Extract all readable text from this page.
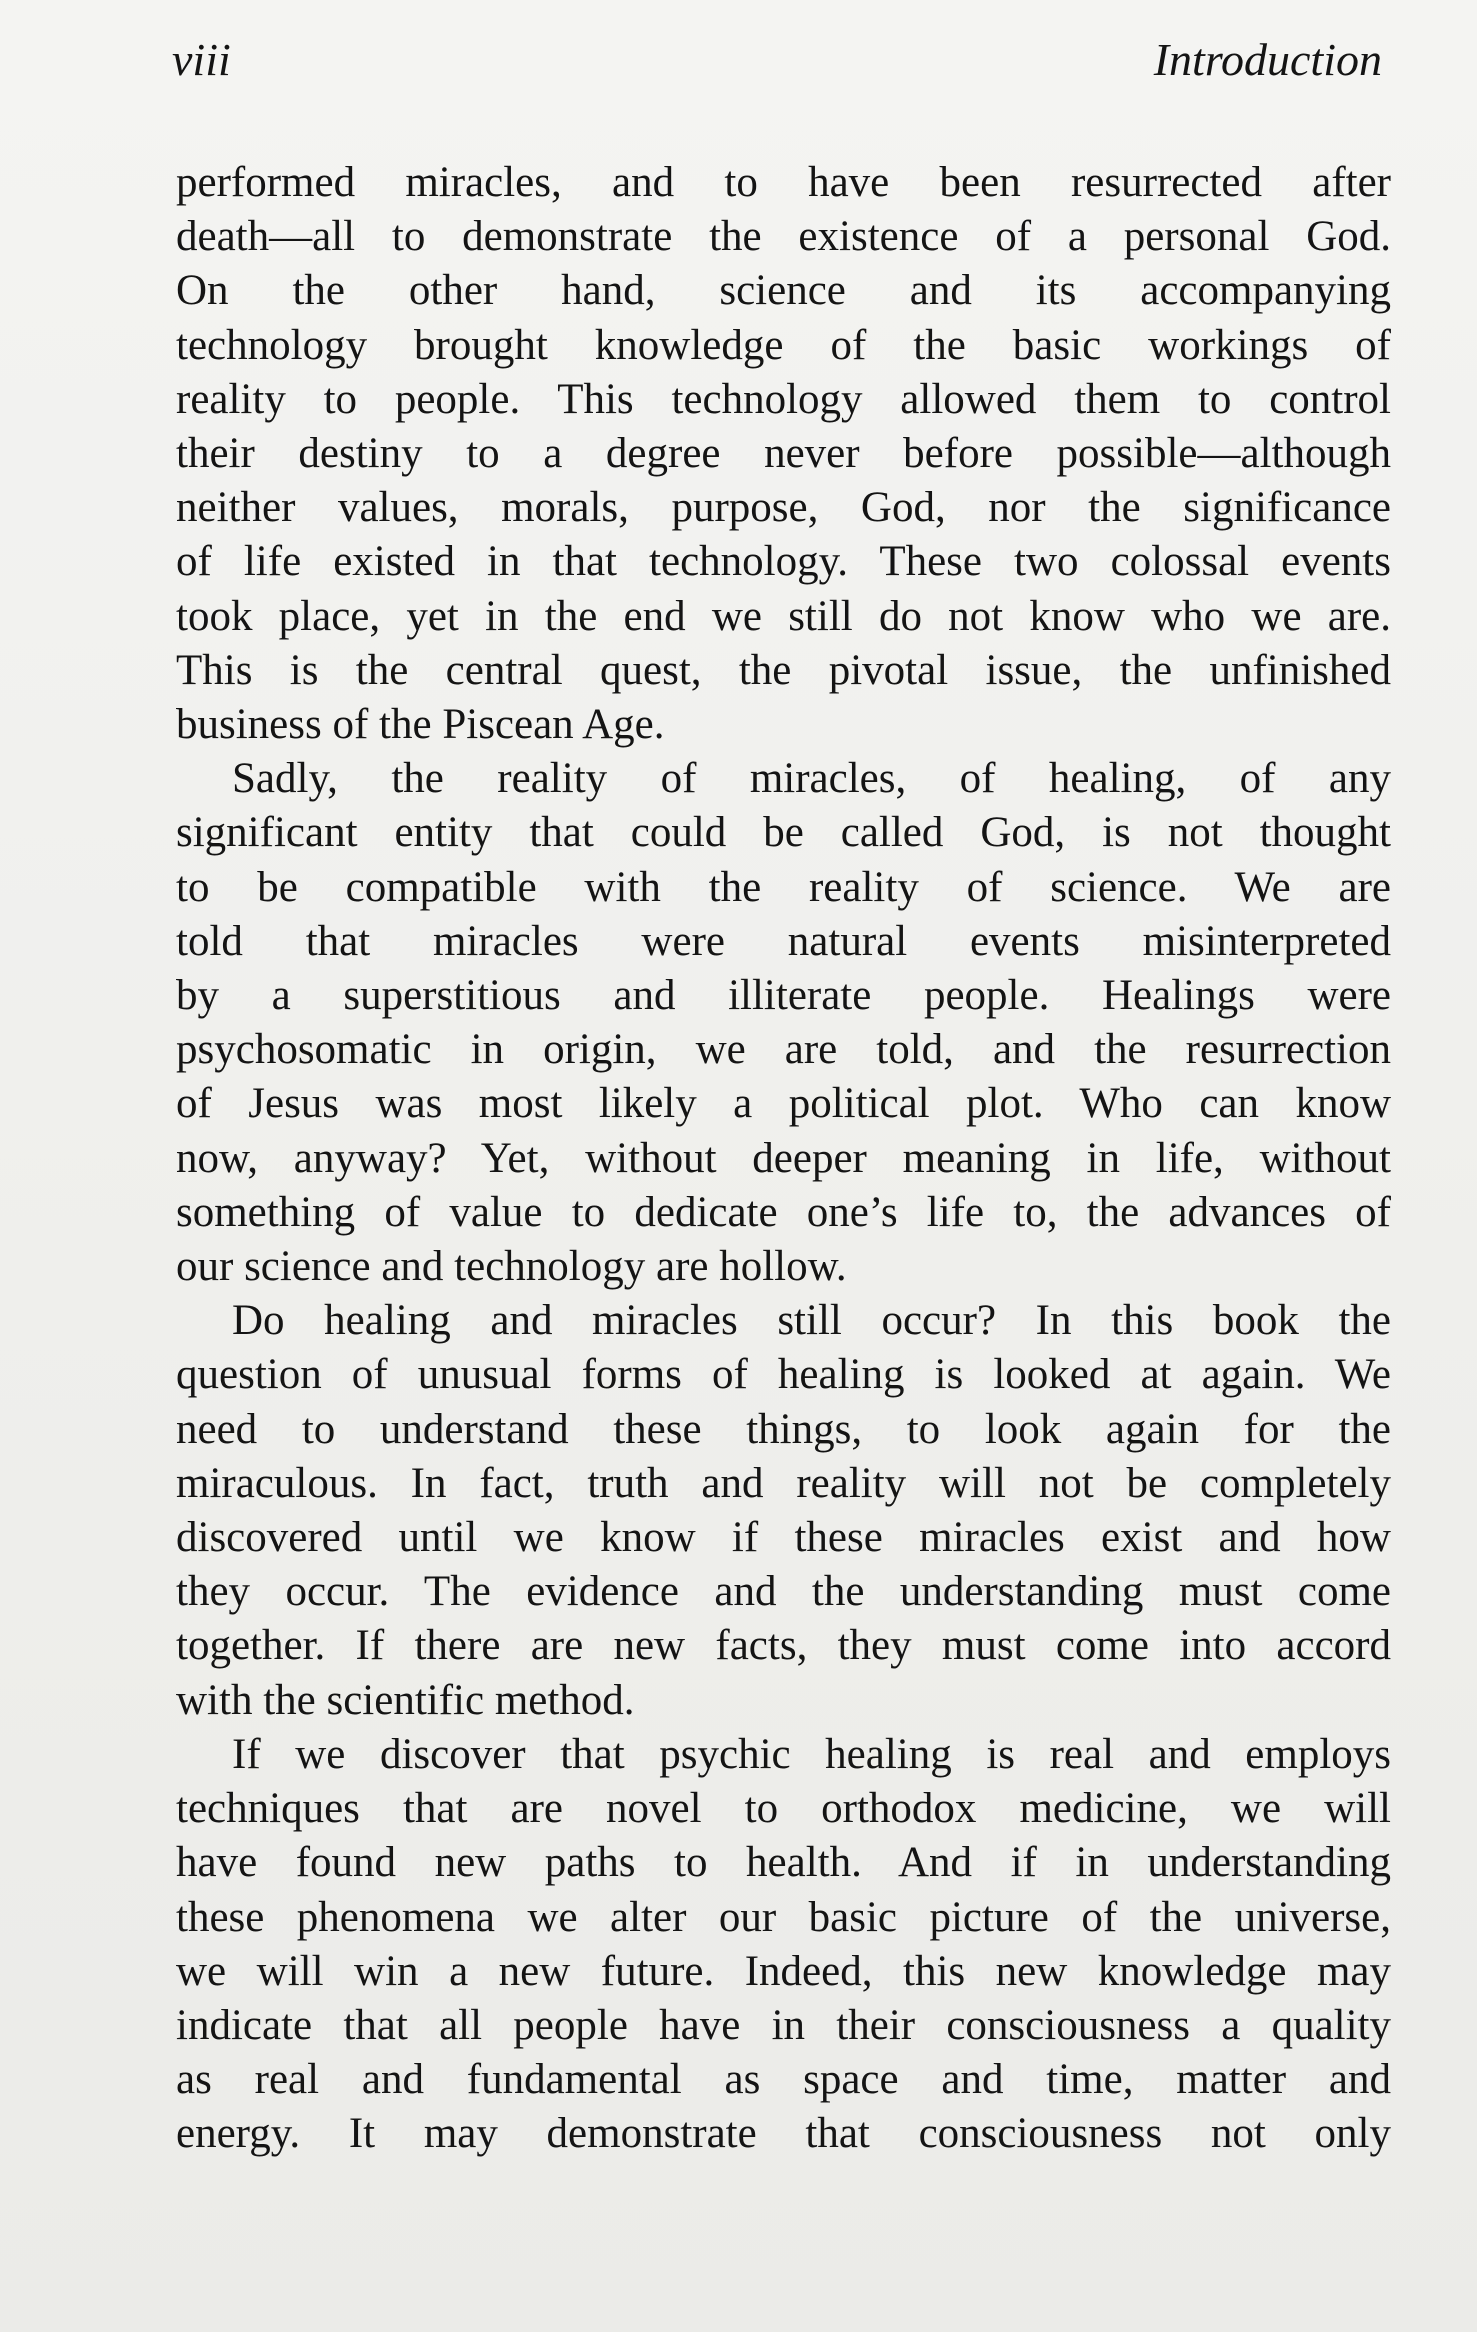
viii	Introduction

performed miracles, and to have been resurrected after
death—all to demonstrate the existence of a personal God.
On the other hand, science and its accompanying
technology brought knowledge of the basic workings of
reality to people. This technology allowed them to control
their destiny to a degree never before possible—although
neither values, morals, purpose, God, nor the significance
of life existed in that technology. These two colossal events
took place, yet in the end we still do not know who we are.
This is the central quest, the pivotal issue, the unfinished
business of the Piscean Age.

Sadly, the reality of miracles, of healing, of any
significant entity that could be called God, is not thought
to be compatible with the reality of science. We are
told that miracles were natural events misinterpreted
by a superstitious and illiterate people. Healings were
psychosomatic in origin, we are told, and the resurrection
of Jesus was most likely a political plot. Who can know
now, anyway? Yet, without deeper meaning in life, without
something of value to dedicate one’s life to, the advances of
our science and technology are hollow.

Do healing and miracles still occur? In this book the
question of unusual forms of healing is looked at again. We
need to understand these things, to look again for the
miraculous. In fact, truth and reality will not be completely
discovered until we know if these miracles exist and how
they occur. The evidence and the understanding must come
together. If there are new facts, they must come into accord
with the scientific method.

If we discover that psychic healing is real and employs
techniques that are novel to orthodox medicine, we will
have found new paths to health. And if in understanding
these phenomena we alter our basic picture of the universe,
we will win a new future. Indeed, this new knowledge may
indicate that all people have in their consciousness a quality
as real and fundamental as space and time, matter and
energy. It may demonstrate that consciousness not only
